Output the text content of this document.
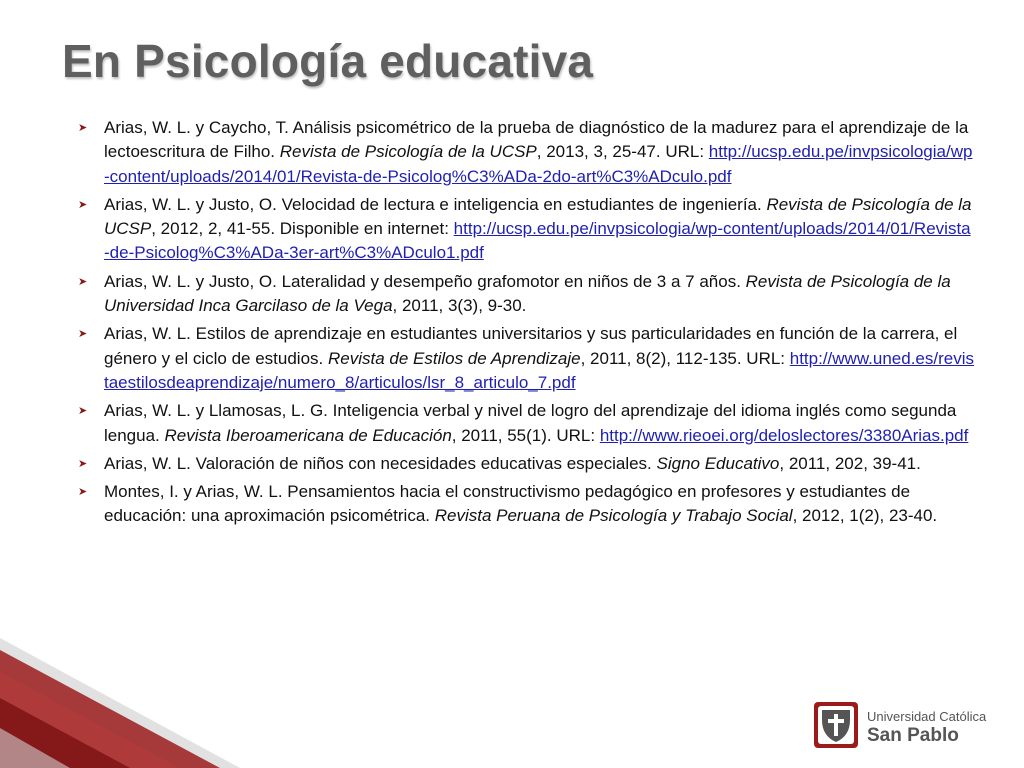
En Psicología educativa
➤ Arias, W. L. y Caycho, T. Análisis psicométrico de la prueba de diagnóstico de la madurez para el aprendizaje de la lectoescritura de Filho. Revista de Psicología de la UCSP, 2013, 3, 25-47. URL: http://ucsp.edu.pe/invpsicologia/wp-content/uploads/2014/01/Revista-de-Psicolog%C3%ADa-2do-art%C3%ADculo.pdf
➤ Arias, W. L. y Justo, O. Velocidad de lectura e inteligencia en estudiantes de ingeniería. Revista de Psicología de la UCSP, 2012, 2, 41-55. Disponible en internet: http://ucsp.edu.pe/invpsicologia/wp-content/uploads/2014/01/Revista-de-Psicolog%C3%ADa-3er-art%C3%ADculo1.pdf
➤ Arias, W. L. y Justo, O. Lateralidad y desempeño grafomotor en niños de 3 a 7 años. Revista de Psicología de la Universidad Inca Garcilaso de la Vega, 2011, 3(3), 9-30.
➤ Arias, W. L. Estilos de aprendizaje en estudiantes universitarios y sus particularidades en función de la carrera, el género y el ciclo de estudios. Revista de Estilos de Aprendizaje, 2011, 8(2), 112-135. URL: http://www.uned.es/revistaestilosdeaprendizaje/numero_8/articulos/lsr_8_articulo_7.pdf
➤ Arias, W. L. y Llamosas, L. G. Inteligencia verbal y nivel de logro del aprendizaje del idioma inglés como segunda lengua. Revista Iberoamericana de Educación, 2011, 55(1). URL: http://www.rieoei.org/deloslectores/3380Arias.pdf
➤ Arias, W. L. Valoración de niños con necesidades educativas especiales. Signo Educativo, 2011, 202, 39-41.
➤ Montes, I. y Arias, W. L. Pensamientos hacia el constructivismo pedagógico en profesores y estudiantes de educación: una aproximación psicométrica. Revista Peruana de Psicología y Trabajo Social, 2012, 1(2), 23-40.
Universidad Católica
San Pablo
